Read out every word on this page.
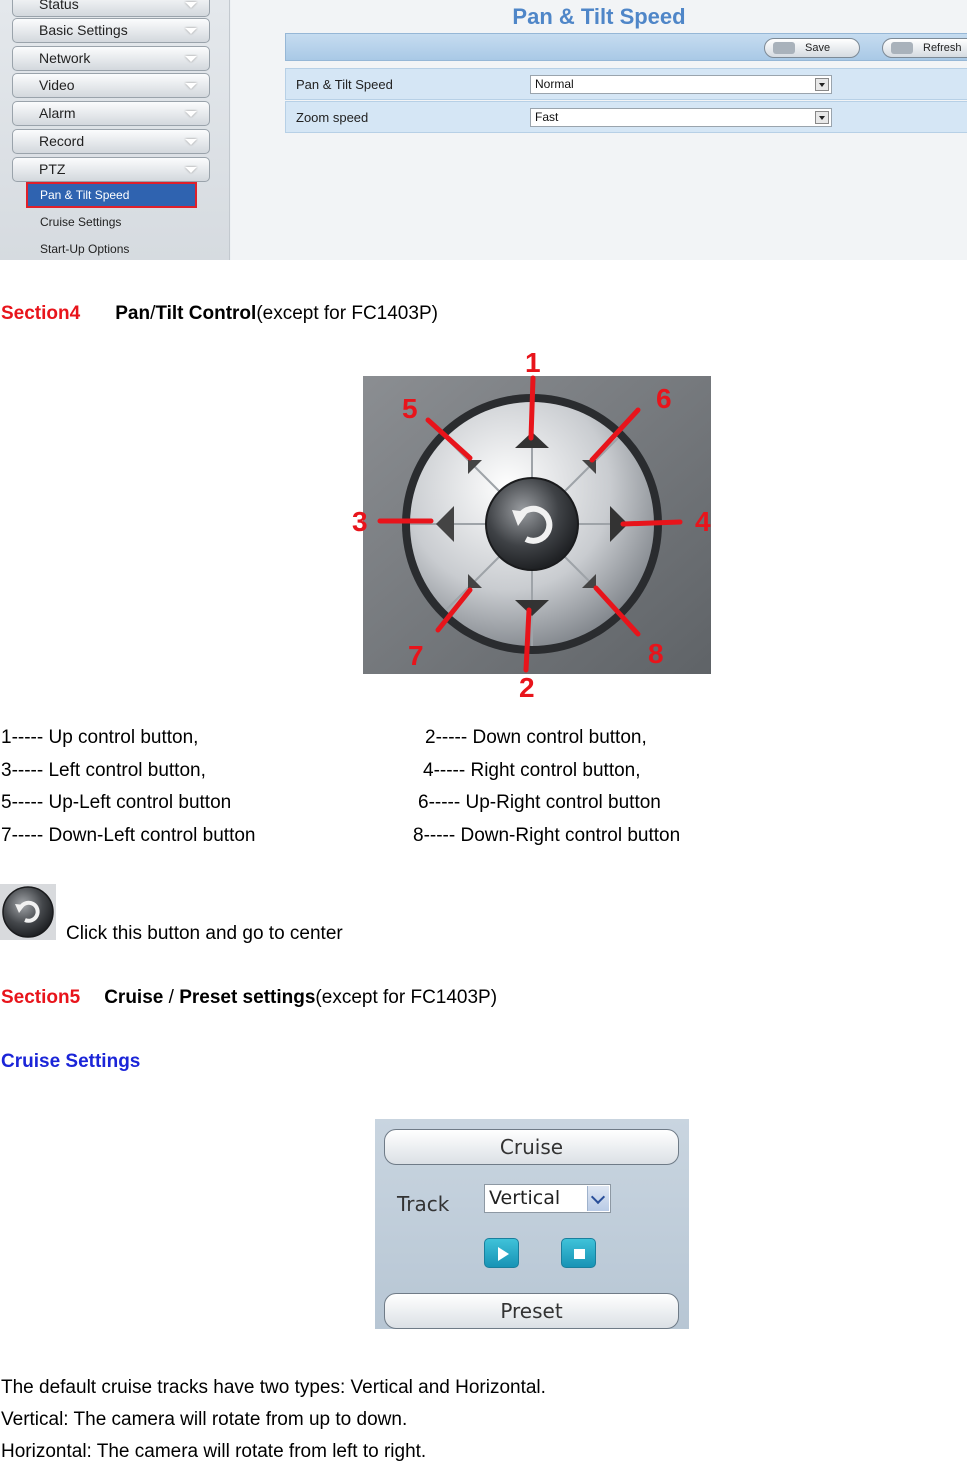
Status
Basic Settings
Network
Video
Alarm
Record
PTZ
Pan & Tilt Speed
Cruise Settings
Start-Up Options
Pan & Tilt Speed
Save	Refresh
Pan & Tilt Speed	Normal
Zoom speed	Fast
Section4 Pan/Tilt Control(except for FC1403P)
1
2
3	4
5	6
7	8
1----- Up control button,	2----- Down control button,
3----- Left control button,	4----- Right control button,
5----- Up-Left control button	6----- Up-Right control button
7----- Down-Left control button	8----- Down-Right control button
Click this button and go to center
Section5 Cruise / Preset settings(except for FC1403P)
Cruise Settings
Cruise
Track Vertical
Preset
The default cruise tracks have two types: Vertical and Horizontal.
Vertical: The camera will rotate from up to down.
Horizontal: The camera will rotate from left to right.
